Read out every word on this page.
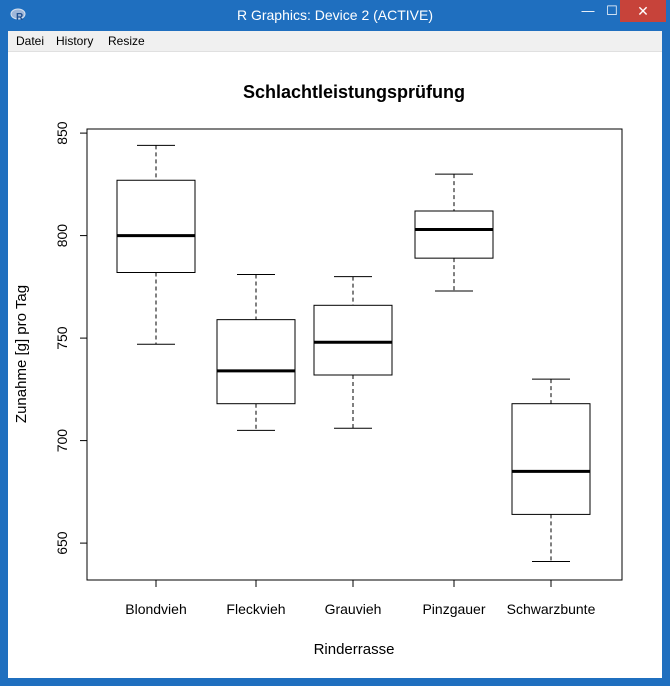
R	R Graphics: Device 2 (ACTIVE)	— ☐	✕
Datei History Resize
Schlachtleistungsprüfung
650
700
750
800
850
Blondvieh	Fleckvieh	Grauvieh	Pinzgauer Schwarzbunte
Rinderrasse
Zunahme [g] pro Tag
